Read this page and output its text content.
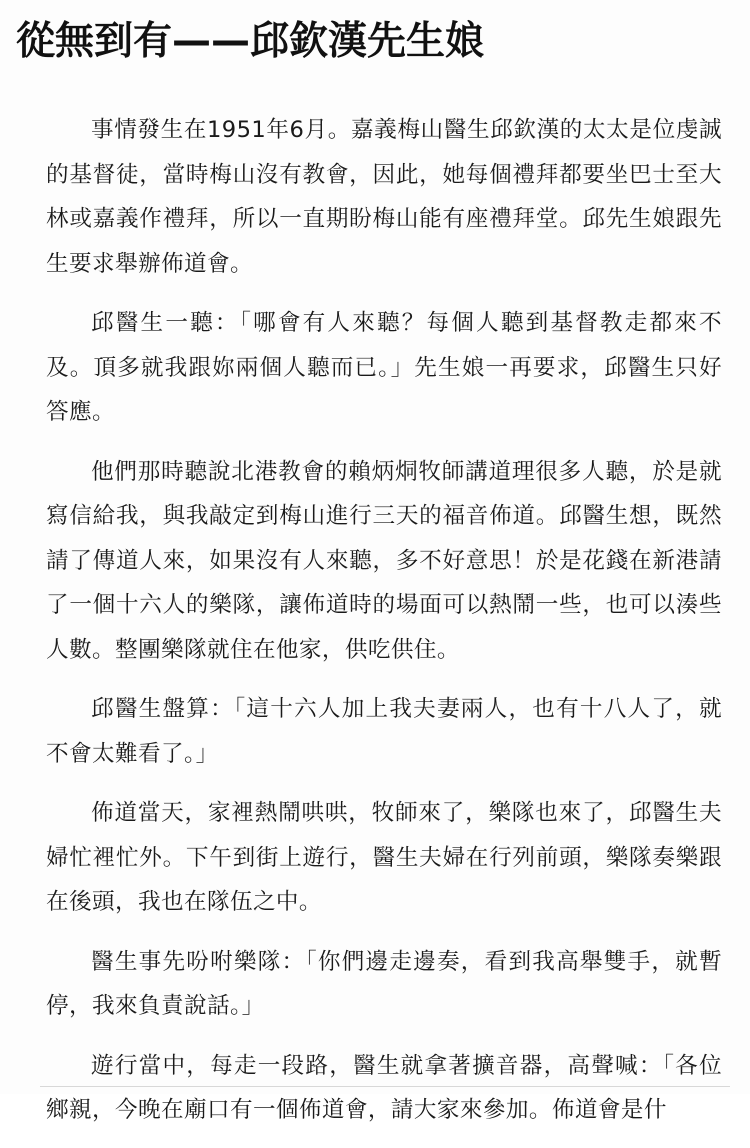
從無到有——邱欽漢先生娘

事情發生在1951年6月。嘉義梅山醫生邱欽漢的太太是位虔誠的基督徒，當時梅山沒有教會，因此，她每個禮拜都要坐巴士至大林或嘉義作禮拜，所以一直期盼梅山能有座禮拜堂。邱先生娘跟先生要求舉辦佈道會。

邱醫生一聽：「哪會有人來聽？每個人聽到基督教走都來不及。頂多就我跟妳兩個人聽而已。」先生娘一再要求，邱醫生只好答應。

他們那時聽說北港教會的賴炳烔牧師講道理很多人聽，於是就寫信給我，與我敲定到梅山進行三天的福音佈道。邱醫生想，既然請了傳道人來，如果沒有人來聽，多不好意思！於是花錢在新港請了一個十六人的樂隊，讓佈道時的場面可以熱鬧一些，也可以湊些人數。整團樂隊就住在他家，供吃供住。

邱醫生盤算：「這十六人加上我夫妻兩人，也有十八人了，就不會太難看了。」

佈道當天，家裡熱鬧哄哄，牧師來了，樂隊也來了，邱醫生夫婦忙裡忙外。下午到街上遊行，醫生夫婦在行列前頭，樂隊奏樂跟在後頭，我也在隊伍之中。

醫生事先吩咐樂隊：「你們邊走邊奏，看到我高舉雙手，就暫停，我來負責說話。」

遊行當中，每走一段路，醫生就拿著擴音器，高聲喊：「各位鄉親，今晚在廟口有一個佈道會，請大家來參加。佈道會是什
